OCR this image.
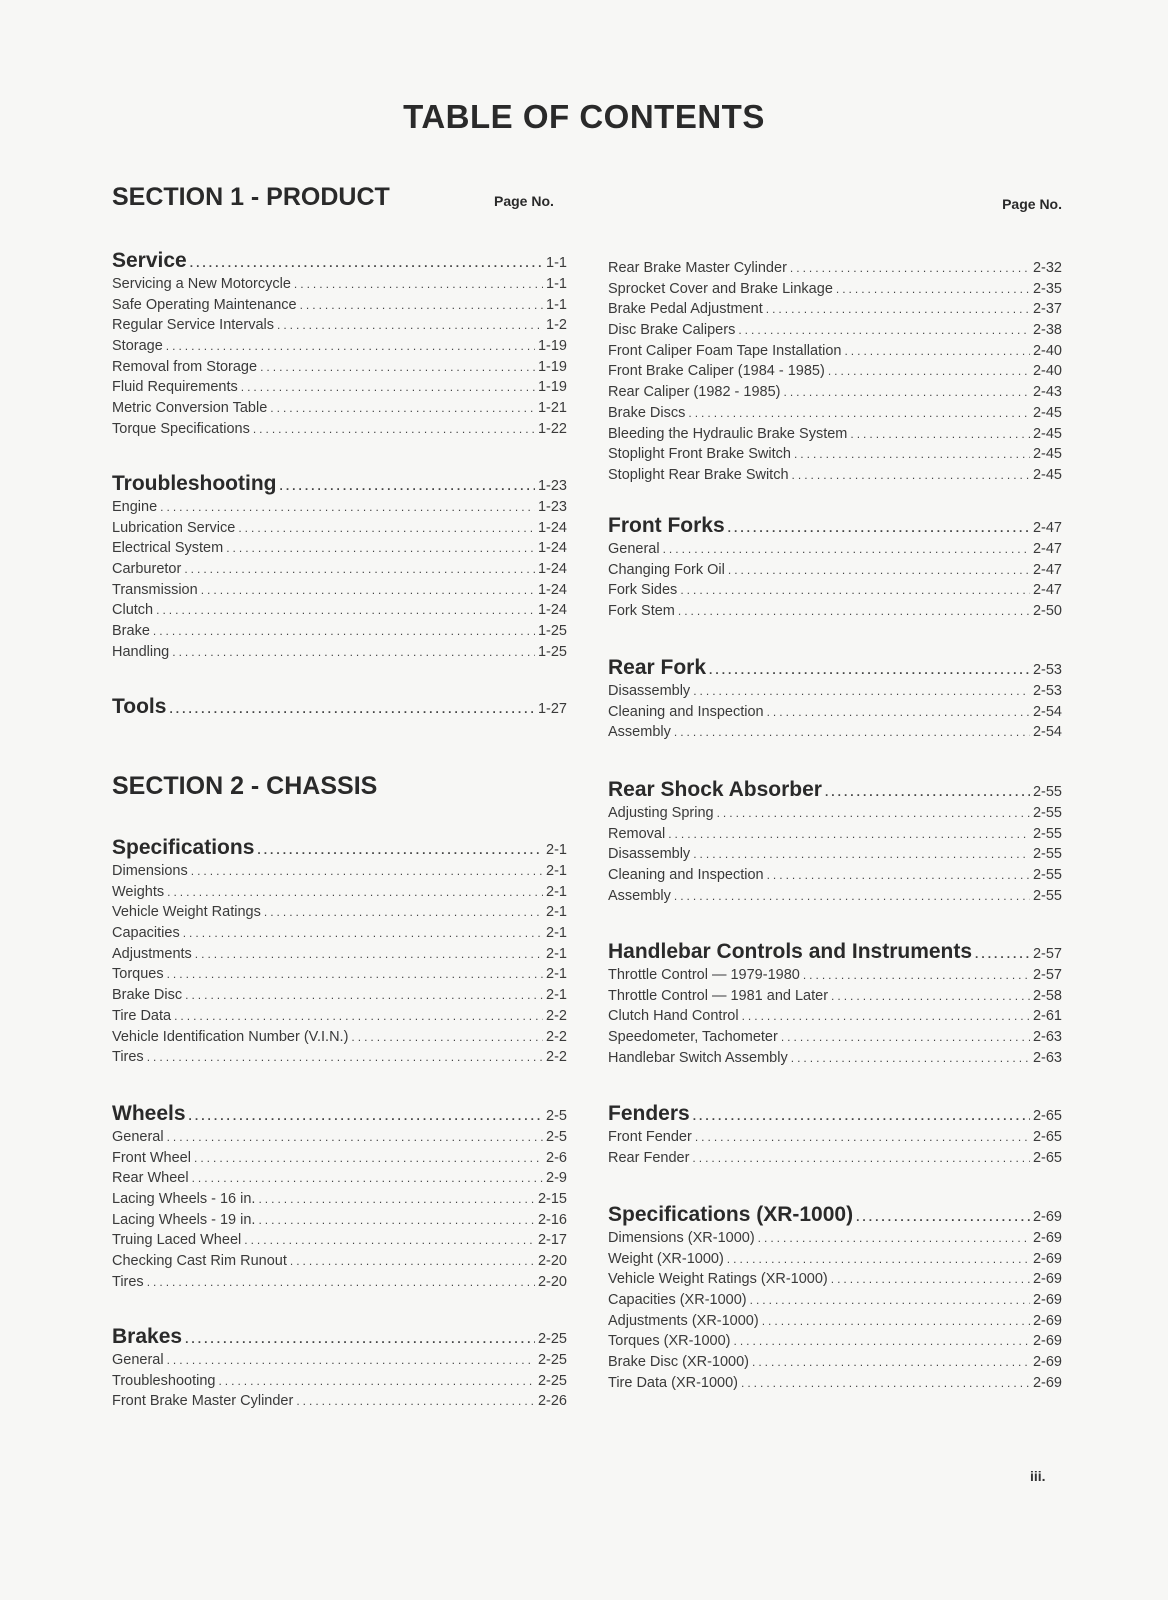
TABLE OF CONTENTS
SECTION 1 - PRODUCT	Page No.
SECTION 2 - CHASSIS
Service .....	1-1
Servicing a New Motorcycle .....	1-1
Safe Operating Maintenance .....	1-1
Regular Service Intervals .....	1-2
Storage .....	1-19
Removal from Storage .....	1-19
Fluid Requirements .....	1-19
Metric Conversion Table .....	1-21
Torque Specifications .....	1-22
Troubleshooting .....	1-23
Engine .....	1-23
Lubrication Service .....	1-24
Electrical System .....	1-24
Carburetor .....	1-24
Transmission .....	1-24
Clutch .....	1-24
Brake .....	1-25
Handling .....	1-25
Tools .....	1-27
Specifications .....	2-1
Dimensions .....	2-1
Weights .....	2-1
Vehicle Weight Ratings .....	2-1
Capacities .....	2-1
Adjustments .....	2-1
Torques .....	2-1
Brake Disc .....	2-1
Tire Data .....	2-2
Vehicle Identification Number (V.I.N.) .....	2-2
Tires .....	2-2
Wheels .....	2-5
General .....	2-5
Front Wheel .....	2-6
Rear Wheel .....	2-9
Lacing Wheels - 16 in. .....	2-15
Lacing Wheels - 19 in. .....	2-16
Truing Laced Wheel .....	2-17
Checking Cast Rim Runout .....	2-20
Tires .....	2-20
Brakes .....	2-25
General .....	2-25
Troubleshooting .....	2-25
Front Brake Master Cylinder .....	2-26
Page No.
Rear Brake Master Cylinder .....	2-32
Sprocket Cover and Brake Linkage .....	2-35
Brake Pedal Adjustment .....	2-37
Disc Brake Calipers .....	2-38
Front Caliper Foam Tape Installation .....	2-40
Front Brake Caliper (1984 - 1985) .....	2-40
Rear Caliper (1982 - 1985) .....	2-43
Brake Discs .....	2-45
Bleeding the Hydraulic Brake System .....	2-45
Stoplight Front Brake Switch .....	2-45
Stoplight Rear Brake Switch .....	2-45
Front Forks .....	2-47
General .....	2-47
Changing Fork Oil .....	2-47
Fork Sides .....	2-47
Fork Stem .....	2-50
Rear Fork .....	2-53
Disassembly .....	2-53
Cleaning and Inspection .....	2-54
Assembly .....	2-54
Rear Shock Absorber .....	2-55
Adjusting Spring .....	2-55
Removal .....	2-55
Disassembly .....	2-55
Cleaning and Inspection .....	2-55
Assembly .....	2-55
Handlebar Controls and Instruments .....	2-57
Throttle Control — 1979-1980 .....	2-57
Throttle Control — 1981 and Later .....	2-58
Clutch Hand Control .....	2-61
Speedometer, Tachometer .....	2-63
Handlebar Switch Assembly .....	2-63
Fenders .....	2-65
Front Fender .....	2-65
Rear Fender .....	2-65
Specifications (XR-1000) .....	2-69
Dimensions (XR-1000) .....	2-69
Weight (XR-1000) .....	2-69
Vehicle Weight Ratings (XR-1000) .....	2-69
Capacities (XR-1000) .....	2-69
Adjustments (XR-1000) .....	2-69
Torques (XR-1000) .....	2-69
Brake Disc (XR-1000) .....	2-69
Tire Data (XR-1000) .....	2-69
iii.
